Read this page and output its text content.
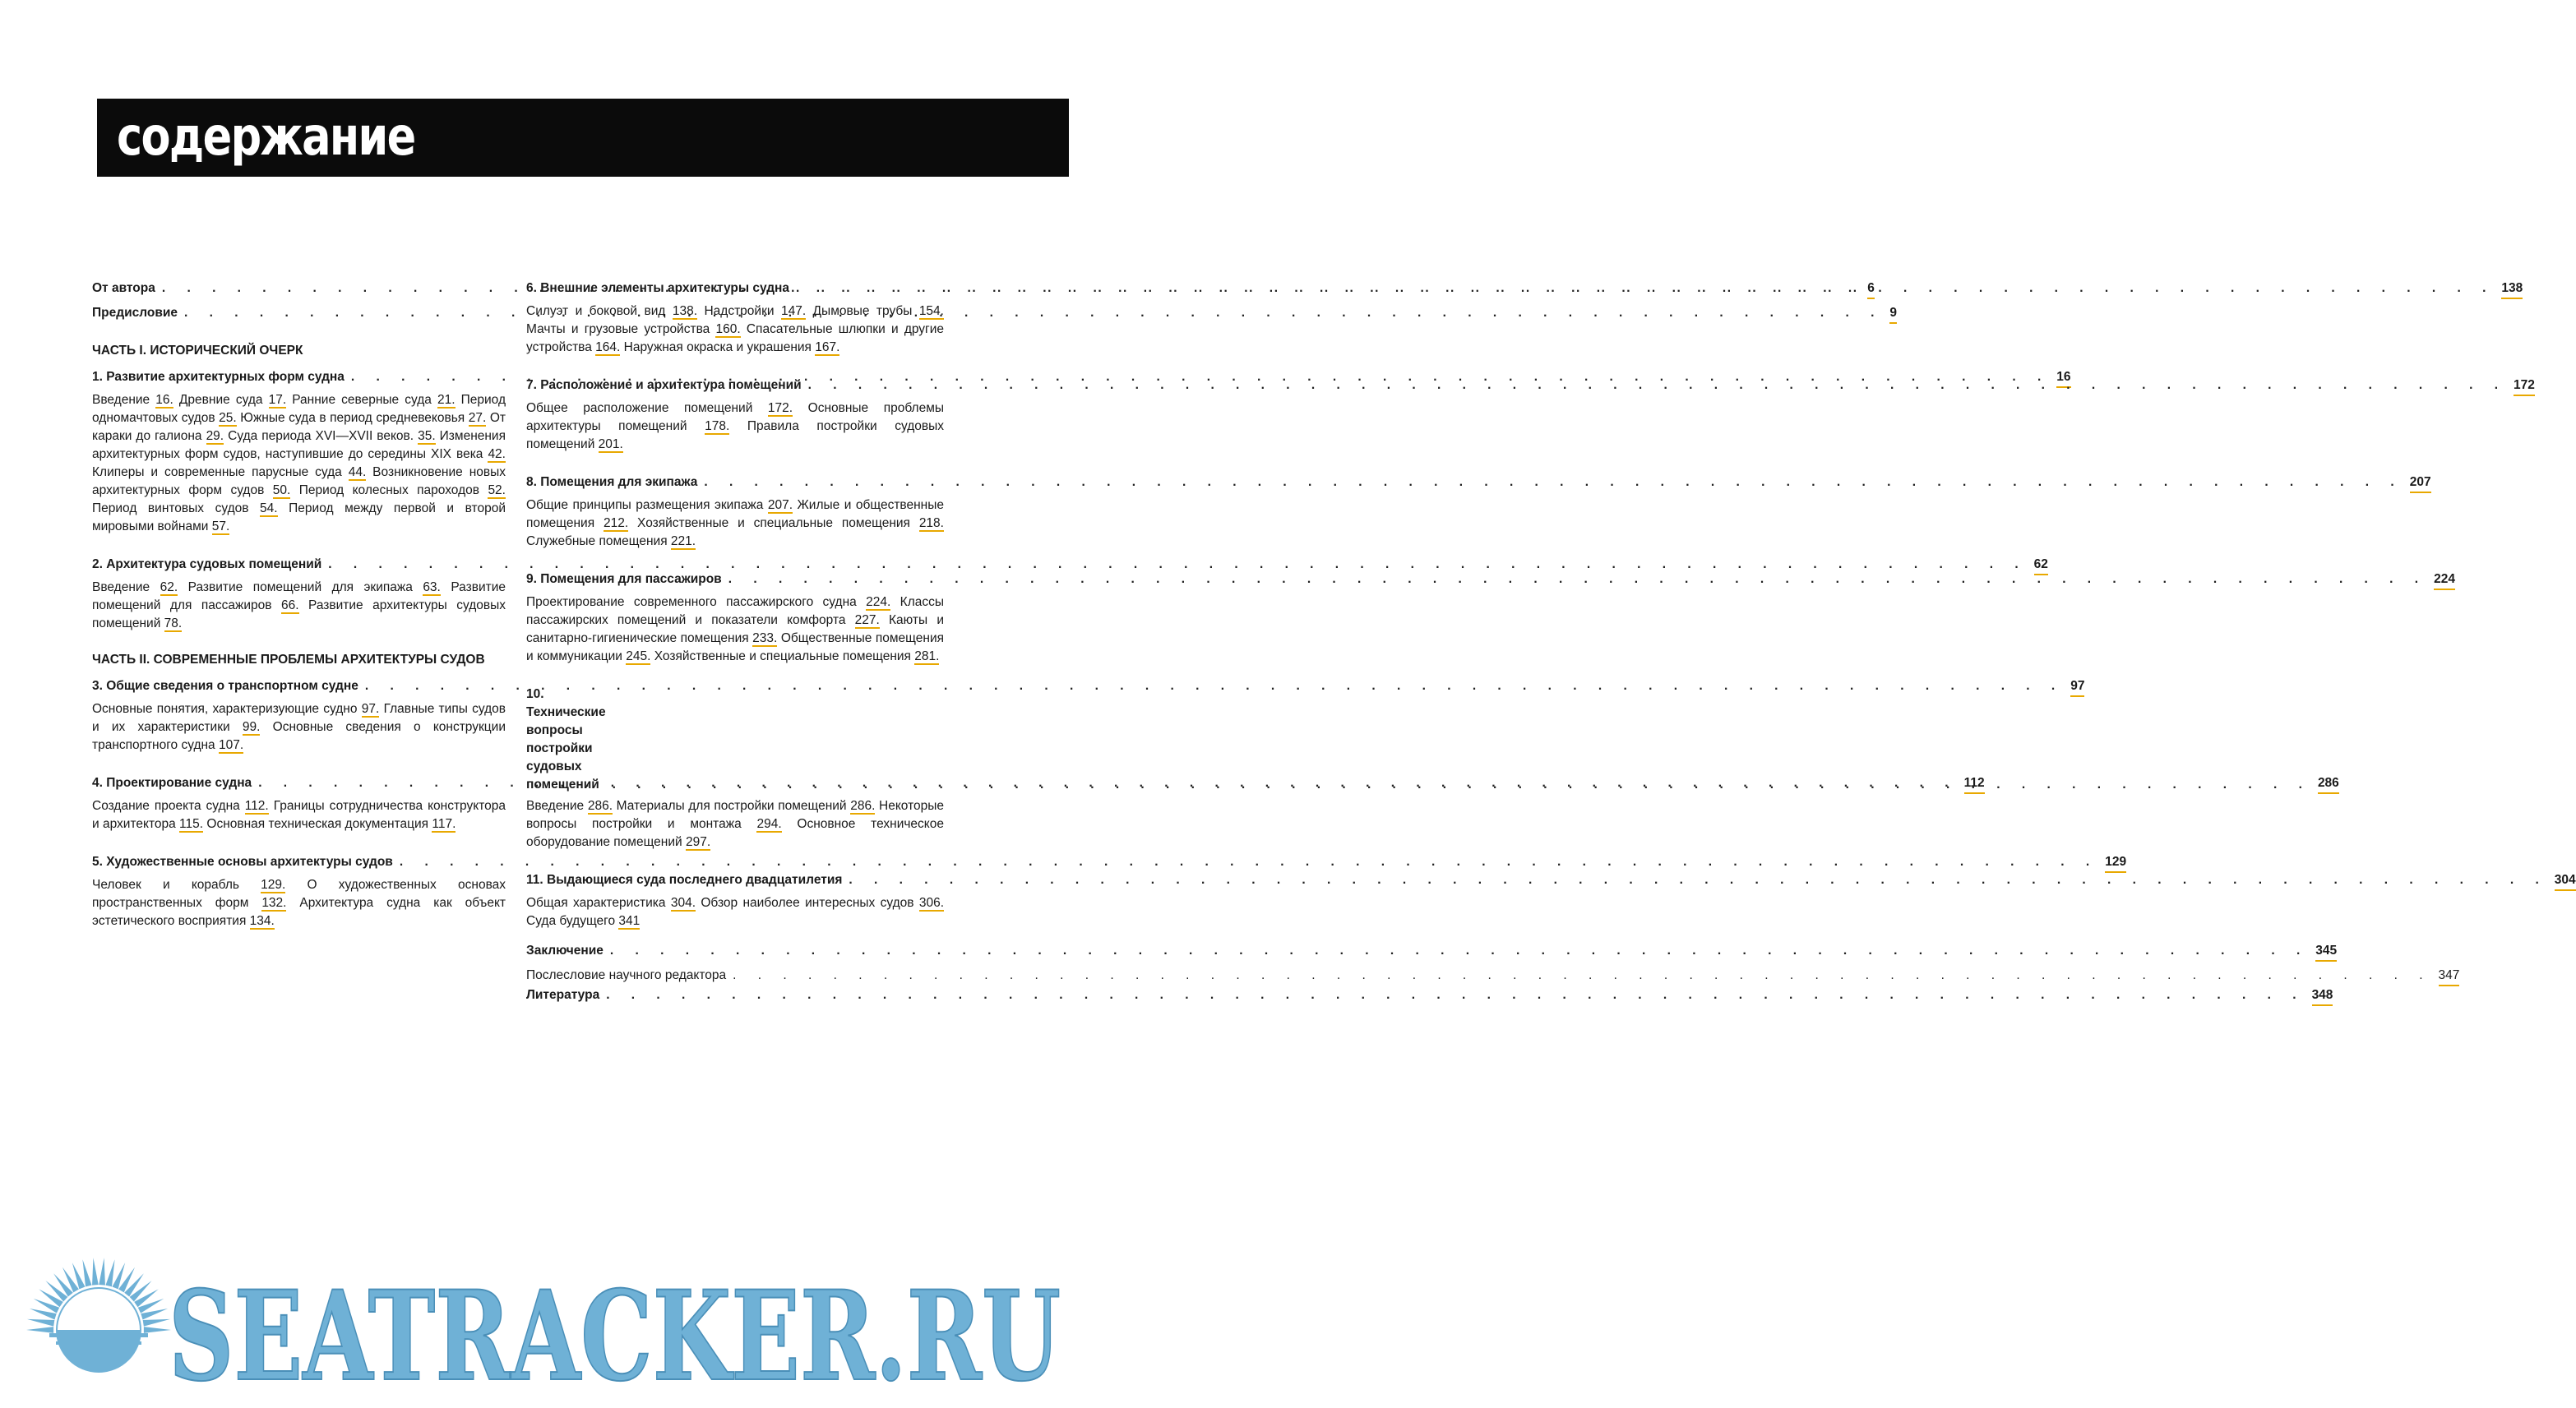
содержание
От автора . . .	6
Предисловие . . .	9
ЧАСТЬ I. ИСТОРИЧЕСКИЙ ОЧЕРК
1. Развитие архитектурных форм судна . . .	16
Введение 16. Древние суда 17. Ранние северные суда 21. Период одномачтовых судов 25. Южные суда в период средневековья 27. От караки до галиона 29. Суда периода XVI—XVII веков. 35. Изменения архитектурных форм судов, наступившие до середины XIX века 42. Клиперы и современные парусные суда 44. Возникновение новых архитектурных форм судов 50. Период колесных пароходов 52. Период винтовых судов 54. Период между первой и второй мировыми войнами 57.
2. Архитектура судовых помещений . . .	62
Введение 62. Развитие помещений для экипажа 63. Развитие помещений для пассажиров 66. Развитие архитектуры судовых помещений 78.
ЧАСТЬ II. СОВРЕМЕННЫЕ ПРОБЛЕМЫ АРХИТЕКТУРЫ СУДОВ
3. Общие сведения о транспортном судне . . .	97
Основные понятия, характеризующие судно 97. Главные типы судов и их характеристики 99. Основные сведения о конструкции транспортного судна 107.
4. Проектирование судна . . .	112
Создание проекта судна 112. Границы сотрудничества конструктора и архитектора 115. Основная техническая документация 117.
5. Художественные основы архитектуры судов . . .	129
Человек и корабль 129. О художественных основах пространственных форм 132. Архитектура судна как объект эстетического восприятия 134.
6. Внешние элементы архитектуры судна . . .	138
Силуэт и боковой вид 138. Надстройки 147. Дымовые трубы 154. Мачты и грузовые устройства 160. Спасательные шлюпки и другие устройства 164. Наружная окраска и украшения 167.
7. Расположение и архитектура помещений . . .	172
Общее расположение помещений 172. Основные проблемы архитектуры помещений 178. Правила постройки судовых помещений 201.
8. Помещения для экипажа . . .	207
Общие принципы размещения экипажа 207. Жилые и общественные помещения 212. Хозяйственные и специальные помещения 218. Служебные помещения 221.
9. Помещения для пассажиров . . .	224
Проектирование современного пассажирского судна 224. Классы пассажирских помещений и показатели комфорта 227. Каюты и санитарно-гигиенические помещения 233. Общественные помещения и коммуникации 245. Хозяйственные и специальные помещения 281.
10. Технические вопросы постройки судовых помещений . . .	286
Введение 286. Материалы для постройки помещений 286. Некоторые вопросы постройки и монтажа 294. Основное техническое оборудование помещений 297.
11. Выдающиеся суда последнего двадцатилетия . . .	304
Общая характеристика 304. Обзор наиболее интересных судов 306. Суда будущего 341
Заключение . . .	345
Послесловие научного редактора . . .	347
Литература . . .	348
SEATRACKER.RU
